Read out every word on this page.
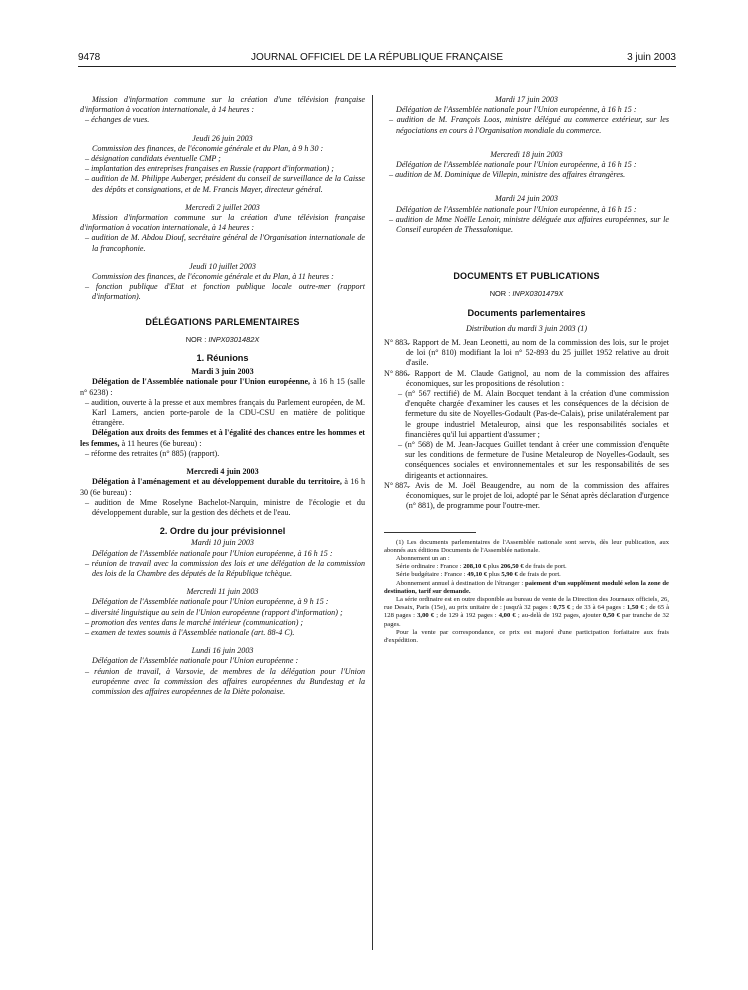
9478	JOURNAL OFFICIEL DE LA RÉPUBLIQUE FRANÇAISE	3 juin 2003

Mission d'information commune sur la création d'une télévision française d'information à vocation internationale, à 14 heures :

– échanges de vues.

Jeudi 26 juin 2003

Commission des finances, de l'économie générale et du Plan, à 9 h 30 :

– désignation candidats éventuelle CMP ;

– implantation des entreprises françaises en Russie (rapport d'information) ;

– audition de M. Philippe Auberger, président du conseil de surveillance de la Caisse des dépôts et consignations, et de M. Francis Mayer, directeur général.

Mercredi 2 juillet 2003

Mission d'information commune sur la création d'une télévision française d'information à vocation internationale, à 14 heures :

– audition de M. Abdou Diouf, secrétaire général de l'Organisation internationale de la francophonie.

Jeudi 10 juillet 2003

Commission des finances, de l'économie générale et du Plan, à 11 heures :

– fonction publique d'Etat et fonction publique locale outre-mer (rapport d'information).

DÉLÉGATIONS PARLEMENTAIRES

NOR : INPX0301482X

1. Réunions

Mardi 3 juin 2003

Délégation de l'Assemblée nationale pour l'Union européenne, à 16 h 15 (salle n° 6238) :

– audition, ouverte à la presse et aux membres français du Parlement européen, de M. Karl Lamers, ancien porte-parole de la CDU-CSU en matière de politique étrangère.

Délégation aux droits des femmes et à l'égalité des chances entre les hommes et les femmes, à 11 heures (6e bureau) :

– réforme des retraites (n° 885) (rapport).

Mercredi 4 juin 2003

Délégation à l'aménagement et au développement durable du territoire, à 16 h 30 (6e bureau) :

– audition de Mme Roselyne Bachelot-Narquin, ministre de l'écologie et du développement durable, sur la gestion des déchets et de l'eau.

2. Ordre du jour prévisionnel

Mardi 10 juin 2003

Délégation de l'Assemblée nationale pour l'Union européenne, à 16 h 15 :

– réunion de travail avec la commission des lois et une délégation de la commission des lois de la Chambre des députés de la République tchèque.

Mercredi 11 juin 2003

Délégation de l'Assemblée nationale pour l'Union européenne, à 9 h 15 :

– diversité linguistique au sein de l'Union européenne (rapport d'information) ;

– promotion des ventes dans le marché intérieur (communication) ;

– examen de textes soumis à l'Assemblée nationale (art. 88-4 C).

Lundi 16 juin 2003

Délégation de l'Assemblée nationale pour l'Union européenne :

– réunion de travail, à Varsovie, de membres de la délégation pour l'Union européenne avec la commission des affaires européennes du Bundestag et la commission des affaires européennes de la Diète polonaise.

Mardi 17 juin 2003

Délégation de l'Assemblée nationale pour l'Union européenne, à 16 h 15 :

– audition de M. François Loos, ministre délégué au commerce extérieur, sur les négociations en cours à l'Organisation mondiale du commerce.

Mercredi 18 juin 2003

Délégation de l'Assemblée nationale pour l'Union européenne, à 16 h 15 :

– audition de M. Dominique de Villepin, ministre des affaires étrangères.

Mardi 24 juin 2003

Délégation de l'Assemblée nationale pour l'Union européenne, à 16 h 15 :

– audition de Mme Noëlle Lenoir, ministre déléguée aux affaires européennes, sur le Conseil européen de Thessalonique.

DOCUMENTS ET PUBLICATIONS

NOR : INPX0301479X

Documents parlementaires

Distribution du mardi 3 juin 2003 (1)

N° 883.
– Rapport de M. Jean Leonetti, au nom de la commission des lois, sur le projet de loi (n° 810) modifiant la loi n° 52-893 du 25 juillet 1952 relative au droit d'asile.
N° 886.
– Rapport de M. Claude Gatignol, au nom de la commission des affaires économiques, sur les propositions de résolution :

– (n° 567 rectifié) de M. Alain Bocquet tendant à la création d'une commission d'enquête chargée d'examiner les causes et les conséquences de la décision de fermeture du site de Noyelles-Godault (Pas-de-Calais), prise unilatéralement par le groupe industriel Metaleurop, ainsi que les responsabilités sociales et financières qu'il lui appartient d'assumer ;

– (n° 568) de M. Jean-Jacques Guillet tendant à créer une commission d'enquête sur les conditions de fermeture de l'usine Metaleurop de Noyelles-Godault, ses conséquences sociales et environnementales et sur les responsabilités de ses dirigeants et actionnaires.

N° 887.
– Avis de M. Joël Beaugendre, au nom de la commission des affaires économiques, sur le projet de loi, adopté par le Sénat après déclaration d'urgence (n° 881), de programme pour l'outre-mer.

(1) Les documents parlementaires de l'Assemblée nationale sont servis, dès leur publication, aux abonnés aux éditions Documents de l'Assemblée nationale.

Abonnement un an :

Série ordinaire : France : 208,10 € plus 206,50 € de frais de port.

Série budgétaire : France : 49,10 € plus 5,90 € de frais de port.

Abonnement annuel à destination de l'étranger : paiement d'un supplément modulé selon la zone de destination, tarif sur demande.

La série ordinaire est en outre disponible au bureau de vente de la Direction des Journaux officiels, 26, rue Desaix, Paris (15e), au prix unitaire de : jusqu'à 32 pages : 0,75 € ; de 33 à 64 pages : 1,50 € ; de 65 à 128 pages : 3,00 € ; de 129 à 192 pages : 4,00 € ; au-delà de 192 pages, ajouter 0,50 € par tranche de 32 pages.

Pour la vente par correspondance, ce prix est majoré d'une participation forfaitaire aux frais d'expédition.
